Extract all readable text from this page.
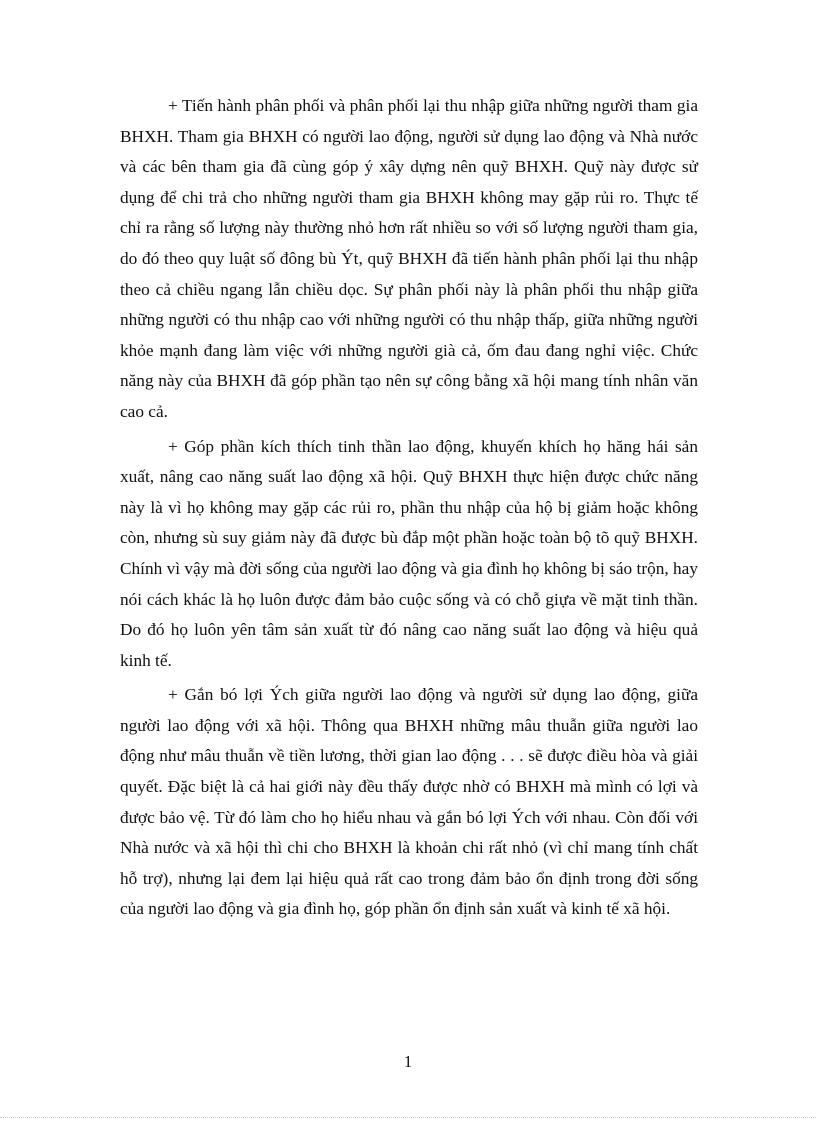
+ Tiến hành phân phối và phân phối lại thu nhập giữa những người tham gia BHXH. Tham gia BHXH có người lao động, người sử dụng lao động và Nhà nước và các bên tham gia đã cùng góp ý xây dựng nên quỹ BHXH. Quỹ này được sử dụng để chi trả cho những người tham gia BHXH không may gặp rủi ro. Thực tế chỉ ra rằng số lượng này thường nhỏ hơn rất nhiều so với số lượng người tham gia, do đó theo quy luật số đông bù Ýt, quỹ BHXH đã tiến hành phân phối lại thu nhập theo cả chiều ngang lẫn chiều dọc. Sự phân phối này là phân phối thu nhập giữa những người có thu nhập cao với những người có thu nhập thấp, giữa những người khỏe mạnh đang làm việc với những người già cả, ốm đau đang nghỉ việc. Chức năng này của BHXH đã góp phần tạo nên sự công bằng xã hội mang tính nhân văn cao cả.

+ Góp phần kích thích tinh thần lao động, khuyến khích họ hăng hái sản xuất, nâng cao năng suất lao động xã hội. Quỹ BHXH thực hiện được chức năng này là vì họ không may gặp các rủi ro, phần thu nhập của hộ bị giảm hoặc không còn, nhưng sù suy giảm này đã được bù đắp một phần hoặc toàn bộ tõ quỹ BHXH. Chính vì vậy mà đời sống của người lao động và gia đình họ không bị sáo trộn, hay nói cách khác là họ luôn được đảm bảo cuộc sống và có chỗ giựa về mặt tinh thần. Do đó họ luôn yên tâm sản xuất từ đó nâng cao năng suất lao động và hiệu quả kinh tế.

+ Gắn bó lợi Ých giữa người lao động và người sử dụng lao động, giữa người lao động với xã hội. Thông qua BHXH những mâu thuẫn giữa người lao động như mâu thuẫn về tiền lương, thời gian lao động . . . sẽ được điều hòa và giải quyết. Đặc biệt là cả hai giới này đều thấy được nhờ có BHXH mà mình có lợi và được bảo vệ. Từ đó làm cho họ hiểu nhau và gắn bó lợi Ých với nhau. Còn đối với Nhà nước và xã hội thì chi cho BHXH là khoản chi rất nhỏ (vì chỉ mang tính chất hỗ trợ), nhưng lại đem lại hiệu quả rất cao trong đảm bảo ổn định trong đời sống của người lao động và gia đình họ, góp phần ổn định sản xuất và kinh tế xã hội.

1
